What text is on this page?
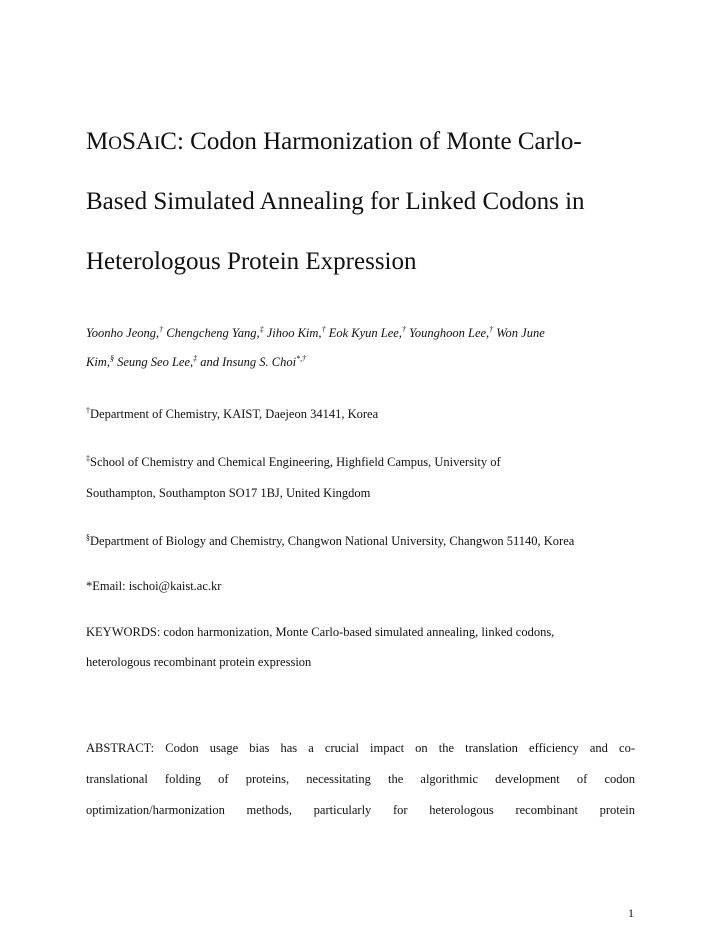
MOSAIC: Codon Harmonization of Monte Carlo-
Based Simulated Annealing for Linked Codons in
Heterologous Protein Expression
Yoonho Jeong,† Chengcheng Yang,‡ Jihoo Kim,† Eok Kyun Lee,† Younghoon Lee,† Won June
Kim,§ Seung Seo Lee,‡ and Insung S. Choi*,†
†Department of Chemistry, KAIST, Daejeon 34141, Korea
‡School of Chemistry and Chemical Engineering, Highfield Campus, University of
Southampton, Southampton SO17 1BJ, United Kingdom
§Department of Biology and Chemistry, Changwon National University, Changwon 51140, Korea
*Email: ischoi@kaist.ac.kr
KEYWORDS: codon harmonization, Monte Carlo-based simulated annealing, linked codons,
heterologous recombinant protein expression
ABSTRACT: Codon usage bias has a crucial impact on the translation efficiency and co-
translational folding of proteins, necessitating the algorithmic development of codon
optimization/harmonization methods, particularly for heterologous recombinant protein
1
